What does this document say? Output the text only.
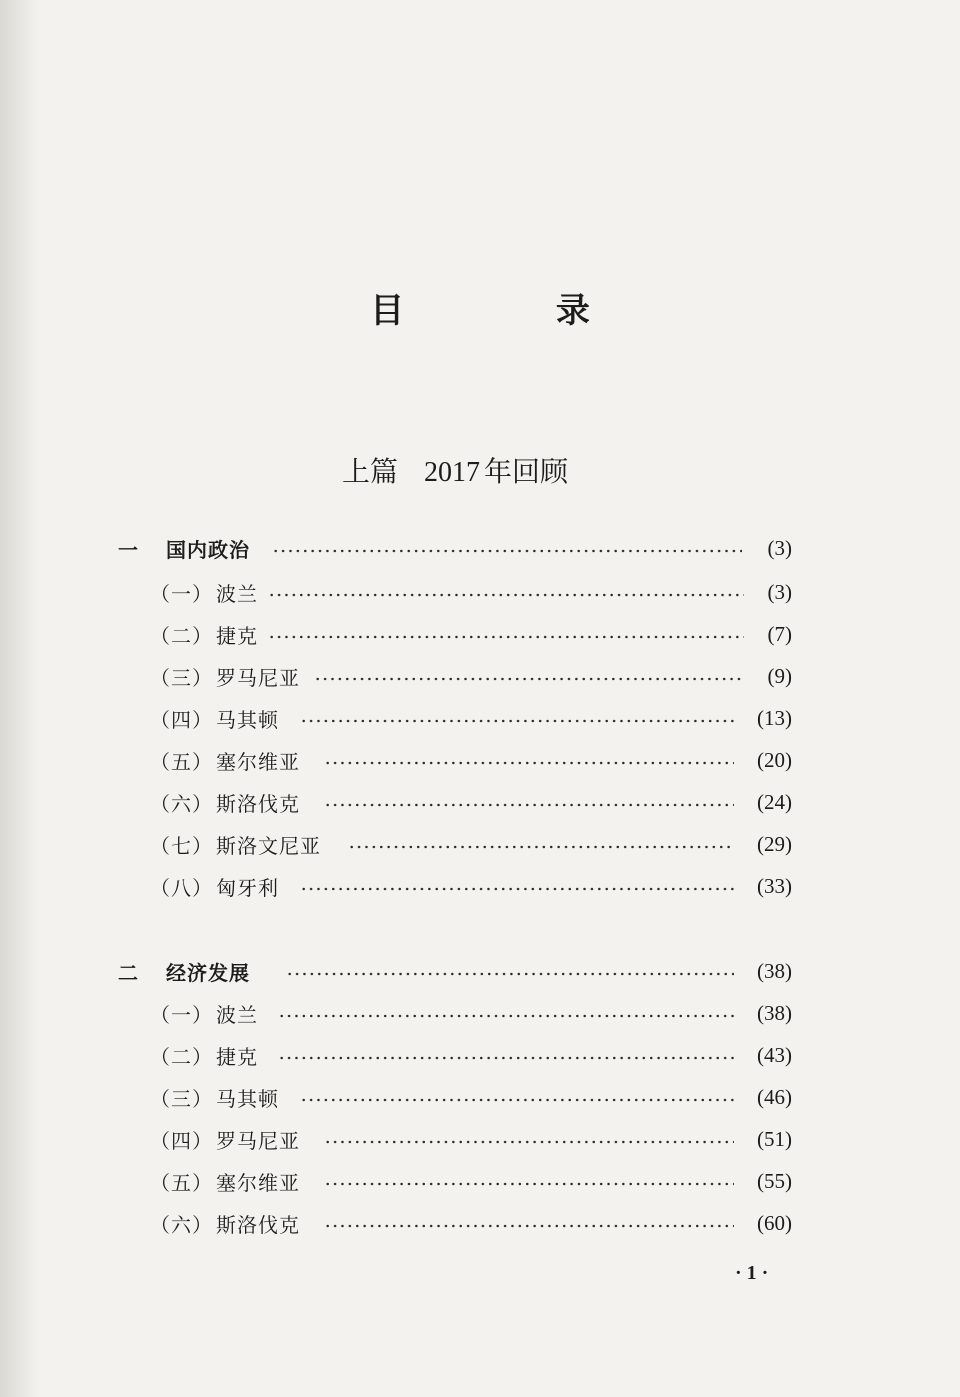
目 录
上篇 2017 年回顾
一 国内政治	(3)
（一） 波兰	(3)
（二） 捷克	(7)
（三） 罗马尼亚	(9)
（四） 马其顿	(13)
（五） 塞尔维亚	(20)
（六） 斯洛伐克	(24)
（七） 斯洛文尼亚	(29)
（八） 匈牙利	(33)
二 经济发展	(38)
（一） 波兰	(38)
（二） 捷克	(43)
（三） 马其顿	(46)
（四） 罗马尼亚	(51)
（五） 塞尔维亚	(55)
（六） 斯洛伐克	(60)
· 1 ·
